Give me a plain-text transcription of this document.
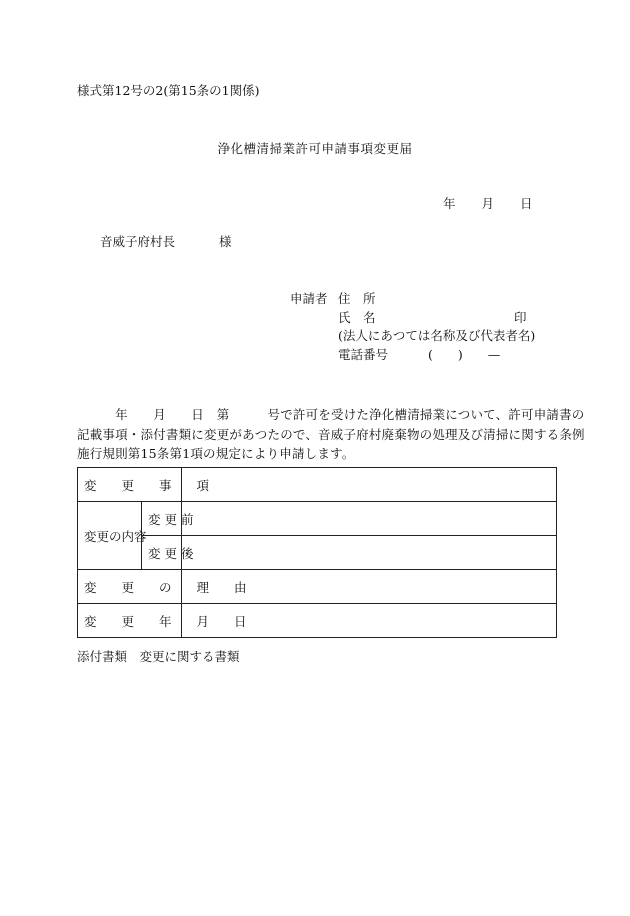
様式第12号の2(第15条の1関係)
浄化槽清掃業許可申請事項変更届
年 月 日
音威子府村長	様
申請者 住　所
氏　名	印
(法人にあつては名称及び代表者名)
電話番号	(　　)　　—
　　　年　　月　　日　第　　　号で許可を受けた浄化槽清掃業について、許可申請書の
記載事項・添付書類に変更があつたので、音威子府村廃棄物の処理及び清掃に関する条例
施行規則第15条第1項の規定により申請します。
変　　更　　事　　項		
変更の内容	変 更 前	
	変 更 後	
変　　更　　の　　理　　由		
変　　更　　年　　月　　日		
添付書類　変更に関する書類
